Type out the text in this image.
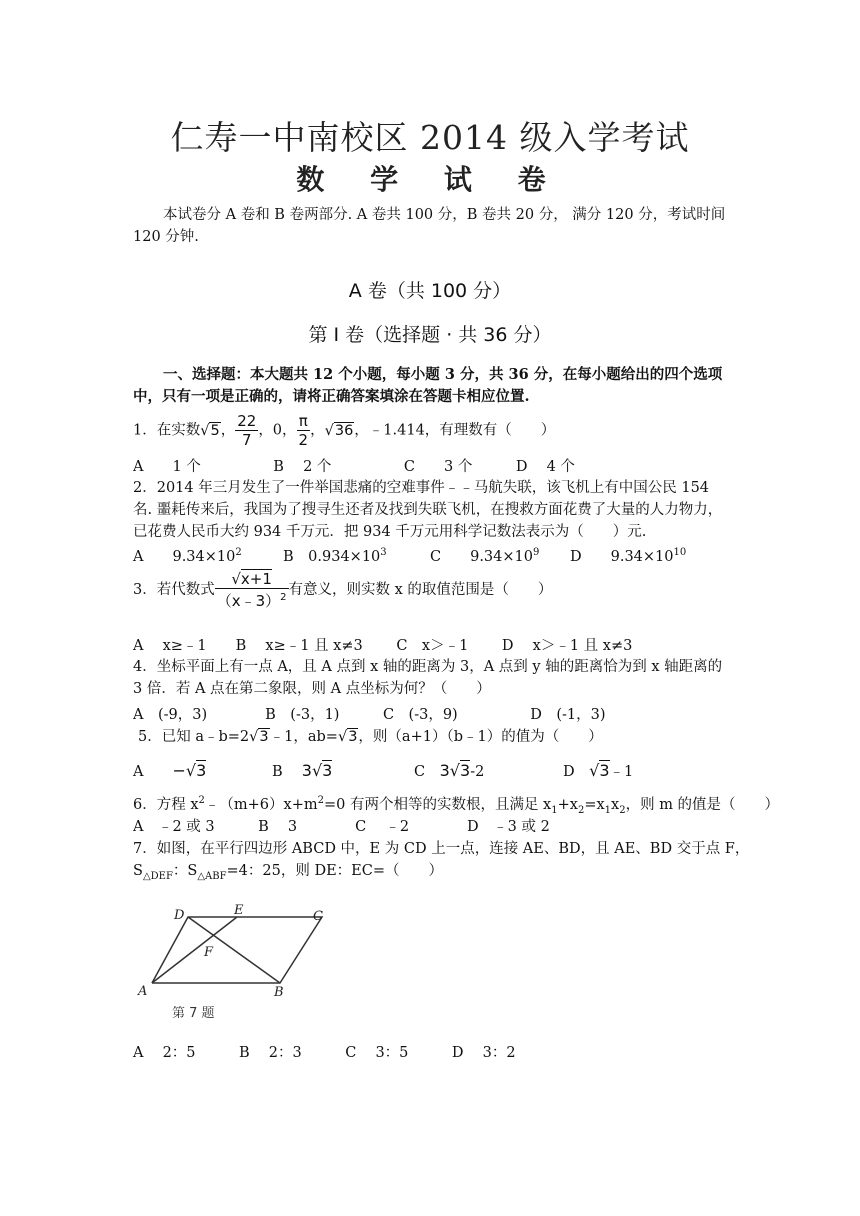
仁寿一中南校区 2014 级入学考试
数 学 试 卷
本试卷分 A 卷和 B 卷两部分. A 卷共 100 分，B 卷共 20 分， 满分 120 分，考试时间 120 分钟.
A 卷（共 100 分）
第 I 卷（选择题 · 共 36 分）
一、选择题：本大题共 12 个小题，每小题 3 分，共 36 分，在每小题给出的四个选项中，只有一项是正确的，请将正确答案填涂在答题卡相应位置.
1．在实数√5， $\frac{22}{7}$ ，0， $\frac{\pi}{2}$ ，√36，﹣1.414，有理数有（　　）
A　　1 个　　　　　B　 2 个　　　　　C　　3 个　　　D　 4 个
2．2014 年三月发生了一件举国悲痛的空难事件﹣﹣马航失联，该飞机上有中国公民 154 名. 噩耗传来后，我国为了搜寻生还者及找到失联飞机，在搜救方面花费了大量的人力物力，已花费人民币大约 934 千万元．把 934 千万元用科学记数法表示为（　　）元.
A　　$9.34\times 10^2$	B　$0.934\times 10^3$	C　　$9.34\times 10^9$ D　　$9.34\times 10^{10}$
3．若代数式 $\frac{√x+1}{(x﹣3)^2}$ 有意义，则实数 x 的取值范围是（　　）
A　 x≥﹣1　　B　 x≥﹣1 且 x≠3　　 C　x＞﹣1　　 D　 x＞﹣1 且 x≠3
4．坐标平面上有一点 A，且 A 点到 x 轴的距离为 3，A 点到 y 轴的距离恰为到 x 轴距离的 3 倍．若 A 点在第二象限，则 A 点坐标为何？（　　）
A　(-9，3)　　　　B　(-3，1)　　　C　(-3，9)　　　　　D　(-1，3)
5．已知 a﹣b=2√3﹣1，ab=√3，则（a+1）（b﹣1）的值为（　　）
A　　 −√3	B　 3√3	C　 3√3-2	D　 √3﹣1
6．方程 $x^2﹣(m+6)x+m^2=0$ 有两个相等的实数根，且满足 $x_1+x_2=x_1x_2$，则 m 的值是（　　）
A　﹣2 或 3　　　B　 3　　　　C　 ﹣2　　　　D　﹣3 或 2
7．如图，在平行四边形 ABCD 中，E 为 CD 上一点，连接 AE、BD，且 AE、BD 交于点 F，
$S_{\triangle DEF}$：$S_{\triangle ABF}=4$：25，则 DE：EC=（　　）
A	B
C
D	E
F
第 7 题
A　 2：5　　　B　 2：3　　　C　 3：5　　　D　 3：2
